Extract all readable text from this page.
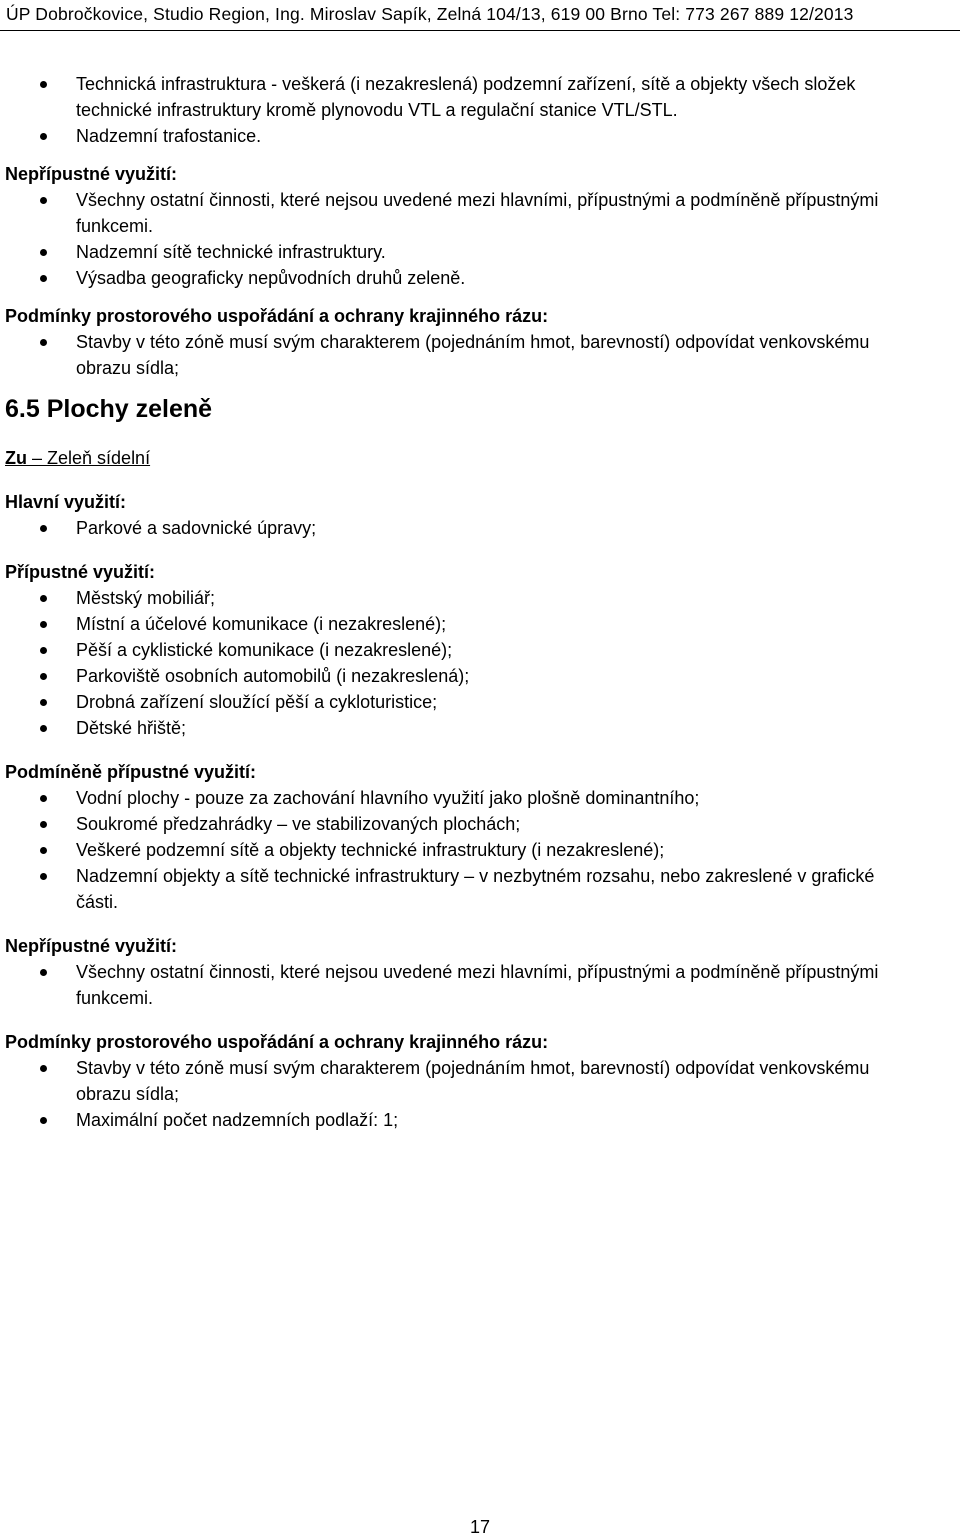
ÚP Dobročkovice, Studio Region, Ing. Miroslav Sapík, Zelná 104/13, 619 00 Brno Tel: 773 267 889 12/2013
Technická infrastruktura - veškerá (i nezakreslená) podzemní zařízení, sítě a objekty všech složek technické infrastruktury kromě plynovodu VTL a regulační stanice VTL/STL.
Nadzemní trafostanice.

Nepřípustné využití:

Všechny ostatní činnosti, které nejsou uvedené mezi hlavními, přípustnými a podmíněně přípustnými funkcemi.
Nadzemní sítě technické infrastruktury.
Výsadba geograficky nepůvodních druhů zeleně.

Podmínky prostorového uspořádání a ochrany krajinného rázu:

Stavby v této zóně musí svým charakterem (pojednáním hmot, barevností) odpovídat venkovskému obrazu sídla;
6.5 Plochy zeleně

Zu – Zeleň sídelní

Hlavní využití:

Parkové a sadovnické úpravy;

Přípustné využití:

Městský mobiliář;
Místní a účelové komunikace (i nezakreslené);
Pěší a cyklistické komunikace (i nezakreslené);
Parkoviště osobních automobilů (i nezakreslená);
Drobná zařízení sloužící pěší a cykloturistice;
Dětské hřiště;

Podmíněně přípustné využití:

Vodní plochy - pouze za zachování hlavního využití jako plošně dominantního;
Soukromé předzahrádky – ve stabilizovaných plochách;
Veškeré podzemní sítě a objekty technické infrastruktury (i nezakreslené);
Nadzemní objekty a sítě technické infrastruktury – v nezbytném rozsahu, nebo zakreslené v grafické části.

Nepřípustné využití:

Všechny ostatní činnosti, které nejsou uvedené mezi hlavními, přípustnými a podmíněně přípustnými funkcemi.

Podmínky prostorového uspořádání a ochrany krajinného rázu:

Stavby v této zóně musí svým charakterem (pojednáním hmot, barevností) odpovídat venkovskému obrazu sídla;
Maximální počet nadzemních podlaží: 1;
17
